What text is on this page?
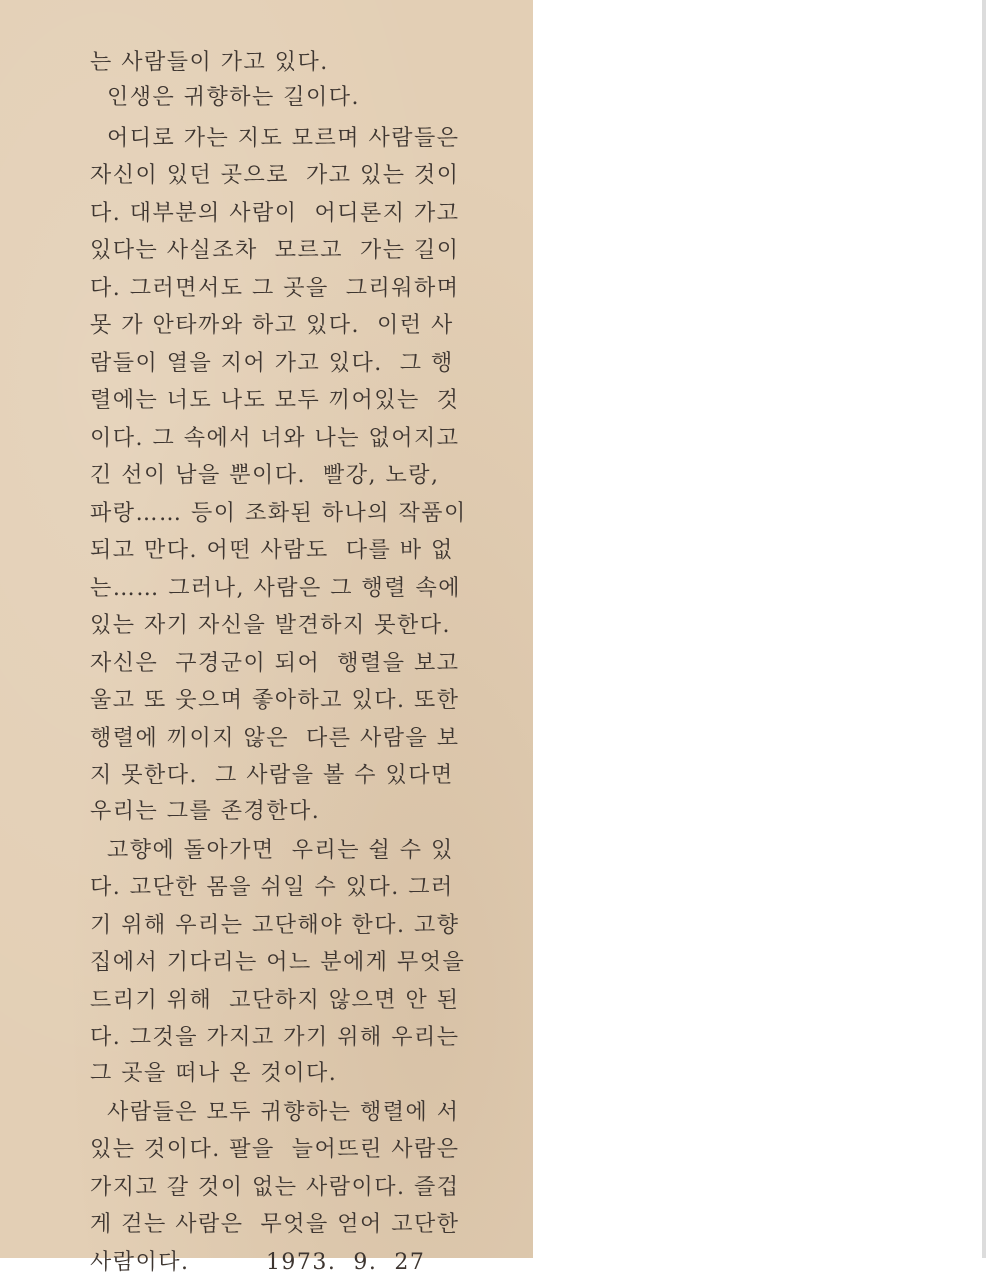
는 사람들이 가고 있다.
인생은 귀향하는 길이다.
어디로 가는 지도 모르며 사람들은
자신이 있던 곳으로  가고 있는 것이
다. 대부분의 사람이  어디론지 가고
있다는 사실조차  모르고  가는 길이
다. 그러면서도 그 곳을  그리워하며
못 가 안타까와 하고 있다.  이런 사
람들이 열을 지어 가고 있다.  그 행
렬에는 너도 나도 모두 끼어있는  것
이다. 그 속에서 너와 나는 없어지고
긴 선이 남을 뿐이다.  빨강, 노랑,
파랑…… 등이 조화된 하나의 작품이
되고 만다. 어떤 사람도  다를 바 없
는…… 그러나, 사람은 그 행렬 속에
있는 자기 자신을 발견하지 못한다.
자신은  구경군이 되어  행렬을 보고
울고 또 웃으며 좋아하고 있다. 또한
행렬에 끼이지 않은  다른 사람을 보
지 못한다.  그 사람을 볼 수 있다면
우리는 그를 존경한다.
고향에 돌아가면  우리는 쉴 수 있
다. 고단한 몸을 쉬일 수 있다. 그러
기 위해 우리는 고단해야 한다. 고향
집에서 기다리는 어느 분에게 무엇을
드리기 위해  고단하지 않으면 안 된
다. 그것을 가지고 가기 위해 우리는
그 곳을 떠나 온 것이다.
사람들은 모두 귀향하는 행렬에 서
있는 것이다. 팔을  늘어뜨린 사람은
가지고 갈 것이 없는 사람이다. 즐겁
게 걷는 사람은  무엇을 얻어 고단한
사람이다.         1973.  9.  27
